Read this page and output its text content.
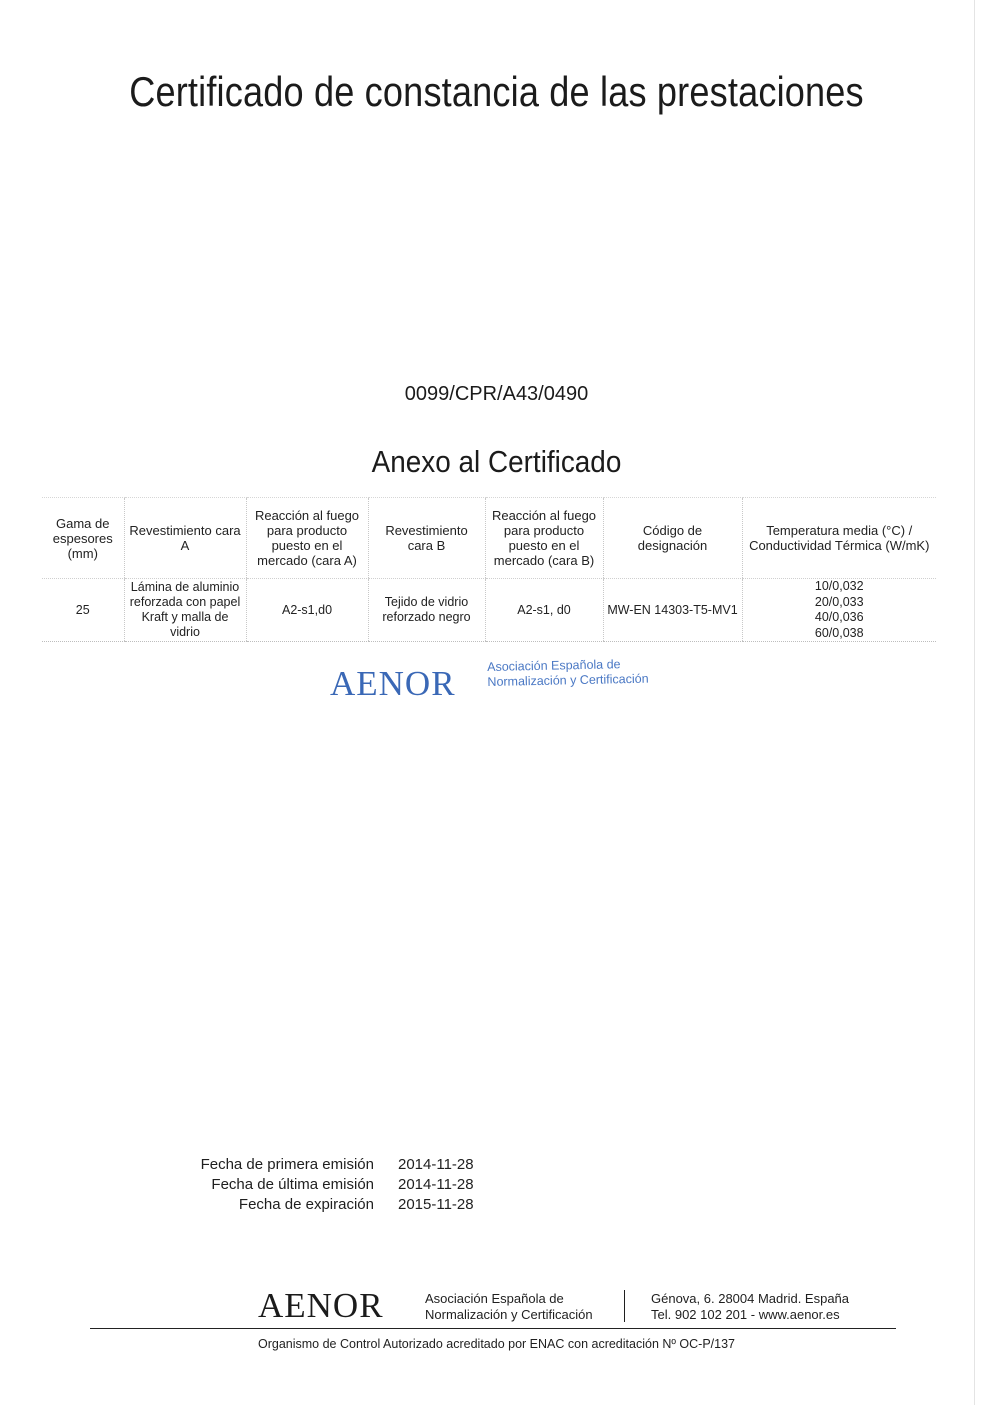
Certificado de constancia de las prestaciones
0099/CPR/A43/0490
Anexo al Certificado
Gama de espesores (mm)	Revestimiento cara A	Reacción al fuego para producto puesto en el mercado (cara A)	Revestimiento cara B	Reacción al fuego para producto puesto en el mercado (cara B)	Código de designación	Temperatura media (°C) / Conductividad Térmica (W/mK)
25	Lámina de aluminio reforzada con papel Kraft y malla de vidrio	A2-s1,d0	Tejido de vidrio reforzado negro	A2-s1, d0	MW-EN 14303-T5-MV1	10/0,032
20/0,033
40/0,036
60/0,038
AENOR	Asociación Española de
Normalización y Certificación
Fecha de primera emisión	2014-11-28
Fecha de última emisión	2014-11-28
Fecha de expiración	2015-11-28
AENOR	Asociación Española de
Normalización y Certificación
Génova, 6. 28004 Madrid. España
Tel. 902 102 201 - www.aenor.es
Organismo de Control Autorizado acreditado por ENAC con acreditación Nº OC-P/137
